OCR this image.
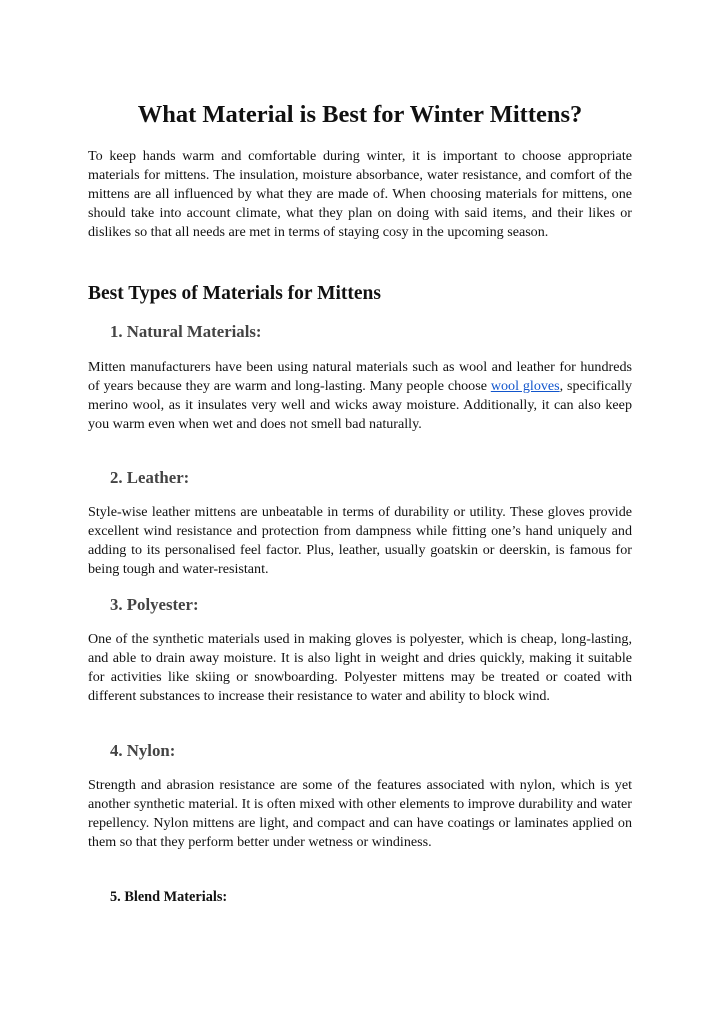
What Material is Best for Winter Mittens?

To keep hands warm and comfortable during winter, it is important to choose appropriate materials for mittens. The insulation, moisture absorbance, water resistance, and comfort of the mittens are all influenced by what they are made of. When choosing materials for mittens, one should take into account climate, what they plan on doing with said items, and their likes or dislikes so that all needs are met in terms of staying cosy in the upcoming season.

Best Types of Materials for Mittens
1. Natural Materials:

Mitten manufacturers have been using natural materials such as wool and leather for hundreds of years because they are warm and long-lasting. Many people choose wool gloves, specifically merino wool, as it insulates very well and wicks away moisture. Additionally, it can also keep you warm even when wet and does not smell bad naturally.

2. Leather:

Style-wise leather mittens are unbeatable in terms of durability or utility. These gloves provide excellent wind resistance and protection from dampness while fitting one’s hand uniquely and adding to its personalised feel factor. Plus, leather, usually goatskin or deerskin, is famous for being tough and water-resistant.

3. Polyester:

One of the synthetic materials used in making gloves is polyester, which is cheap, long-lasting, and able to drain away moisture. It is also light in weight and dries quickly, making it suitable for activities like skiing or snowboarding. Polyester mittens may be treated or coated with different substances to increase their resistance to water and ability to block wind.

4. Nylon:

Strength and abrasion resistance are some of the features associated with nylon, which is yet another synthetic material. It is often mixed with other elements to improve durability and water repellency. Nylon mittens are light, and compact and can have coatings or laminates applied on them so that they perform better under wetness or windiness.

5. Blend Materials:
